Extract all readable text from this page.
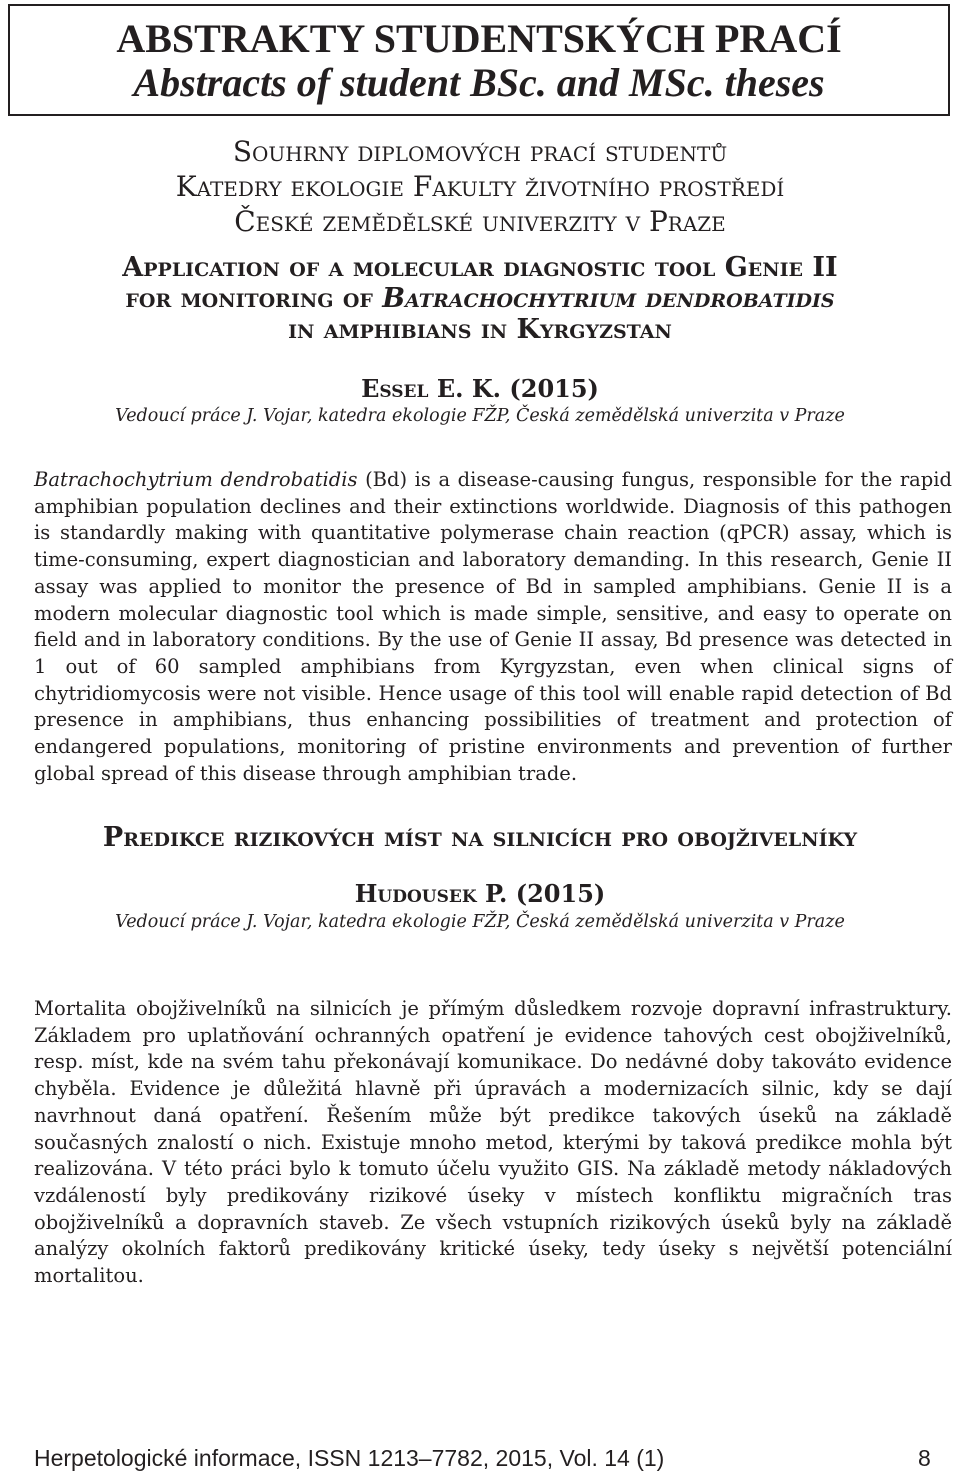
ABSTRAKTY STUDENTSKÝCH PRACÍ
Abstracts of student BSc. and MSc. theses
Souhrny diplomových prací studentů
Katedry ekologie Fakulty životního prostředí
České zemědělské univerzity v Praze
Application of a molecular diagnostic tool Genie II
for monitoring of Batrachochytrium dendrobatidis
in amphibians in Kyrgyzstan
Essel E. K. (2015)
Vedoucí práce J. Vojar, katedra ekologie FŽP, Česká zemědělská univerzita v Praze
Batrachochytrium dendrobatidis (Bd) is a disease-causing fungus, responsible for the rapid amphibian population declines and their extinctions worldwide. Diagnosis of this pathogen is standardly making with quantitative polymerase chain reaction (qPCR) assay, which is time-consuming, expert diagnostician and laboratory demanding. In this research, Genie II assay was applied to monitor the presence of Bd in sampled amphibians. Genie II is a modern molecular diagnostic tool which is made simple, sensitive, and easy to operate on field and in laboratory conditions. By the use of Genie II assay, Bd presence was detected in 1 out of 60 sampled amphibians from Kyrgyzstan, even when clinical signs of chytridiomycosis were not visible. Hence usage of this tool will enable rapid detection of Bd presence in amphibians, thus enhancing possibilities of treatment and protection of endangered populations, monitoring of pristine environments and prevention of further global spread of this disease through amphibian trade.
Predikce rizikových míst na silnicích pro obojživelníky
Hudousek P. (2015)
Vedoucí práce J. Vojar, katedra ekologie FŽP, Česká zemědělská univerzita v Praze
Mortalita obojživelníků na silnicích je přímým důsledkem rozvoje dopravní infrastruktury. Základem pro uplatňování ochranných opatření je evidence tahových cest obojživelníků, resp. míst, kde na svém tahu překonávají komunikace. Do nedávné doby takováto evidence chyběla. Evidence je důležitá hlavně při úpravách a modernizacích silnic, kdy se dají navrhnout daná opatření. Řešením může být predikce takových úseků na základě současných znalostí o nich. Existuje mnoho metod, kterými by taková predikce mohla být realizována. V této práci bylo k tomuto účelu využito GIS. Na základě metody nákladových vzdáleností byly predikovány rizikové úseky v místech konfliktu migračních tras obojživelníků a dopravních staveb. Ze všech vstupních rizikových úseků byly na základě analýzy okolních faktorů predikovány kritické úseky, tedy úseky s největší potenciální mortalitou.
Herpetologické informace, ISSN 1213–7782, 2015, Vol. 14 (1)	8
